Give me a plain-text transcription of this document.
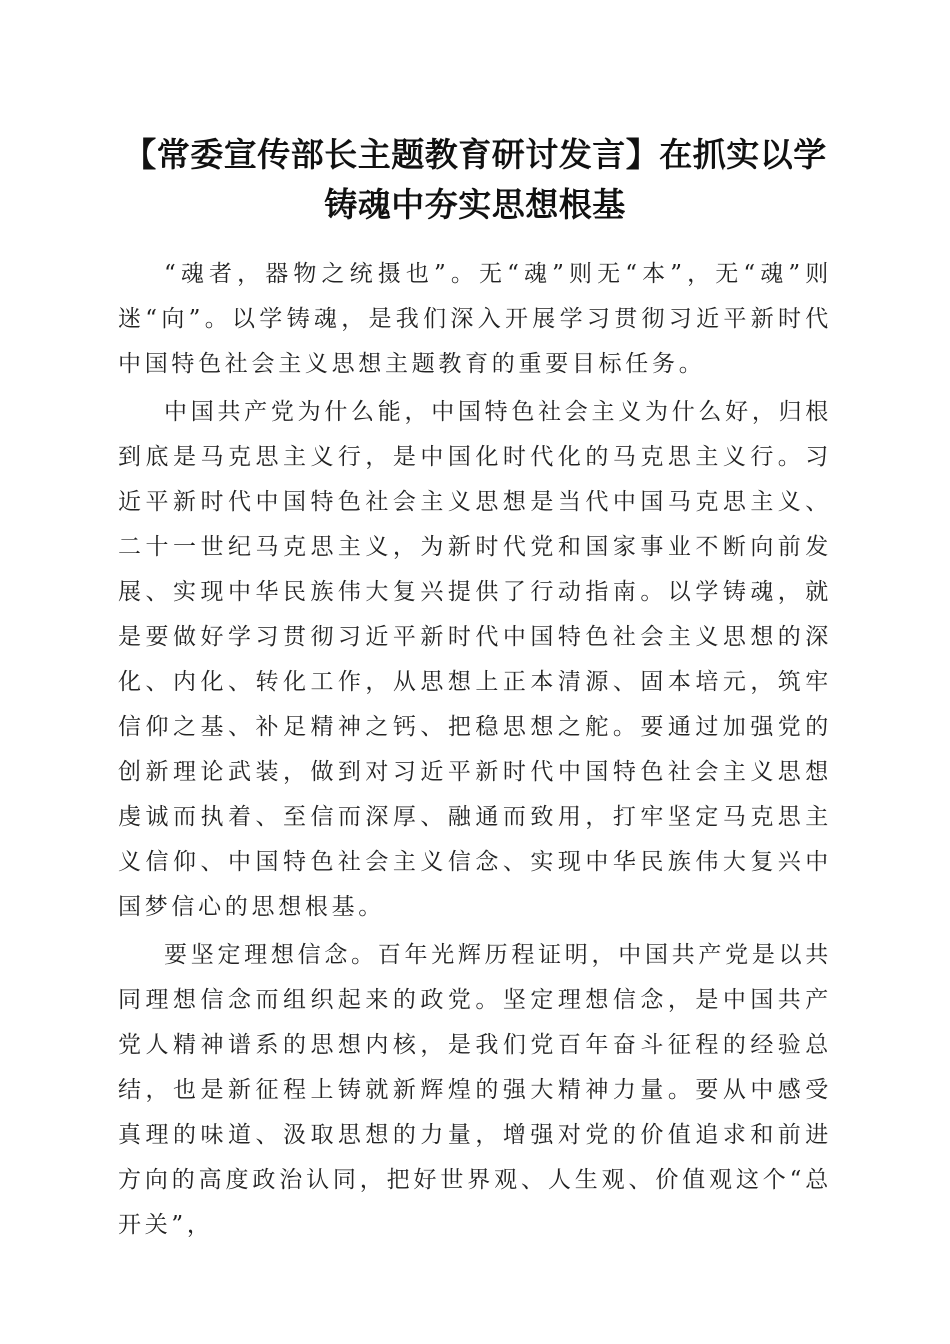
【常委宣传部长主题教育研讨发言】在抓实以学铸魂中夯实思想根基

“魂者，器物之统摄也”。无“魂”则无“本”，无“魂”则迷“向”。以学铸魂，是我们深入开展学习贯彻习近平新时代中国特色社会主义思想主题教育的重要目标任务。

中国共产党为什么能，中国特色社会主义为什么好，归根到底是马克思主义行，是中国化时代化的马克思主义行。习近平新时代中国特色社会主义思想是当代中国马克思主义、二十一世纪马克思主义，为新时代党和国家事业不断向前发展、实现中华民族伟大复兴提供了行动指南。以学铸魂，就是要做好学习贯彻习近平新时代中国特色社会主义思想的深化、内化、转化工作，从思想上正本清源、固本培元，筑牢信仰之基、补足精神之钙、把稳思想之舵。要通过加强党的创新理论武装，做到对习近平新时代中国特色社会主义思想虔诚而执着、至信而深厚、融通而致用，打牢坚定马克思主义信仰、中国特色社会主义信念、实现中华民族伟大复兴中国梦信心的思想根基。

要坚定理想信念。百年光辉历程证明，中国共产党是以共同理想信念而组织起来的政党。坚定理想信念，是中国共产党人精神谱系的思想内核，是我们党百年奋斗征程的经验总结，也是新征程上铸就新辉煌的强大精神力量。要从中感受真理的味道、汲取思想的力量，增强对党的价值追求和前进方向的高度政治认同，把好世界观、人生观、价值观这个“总开关”，
